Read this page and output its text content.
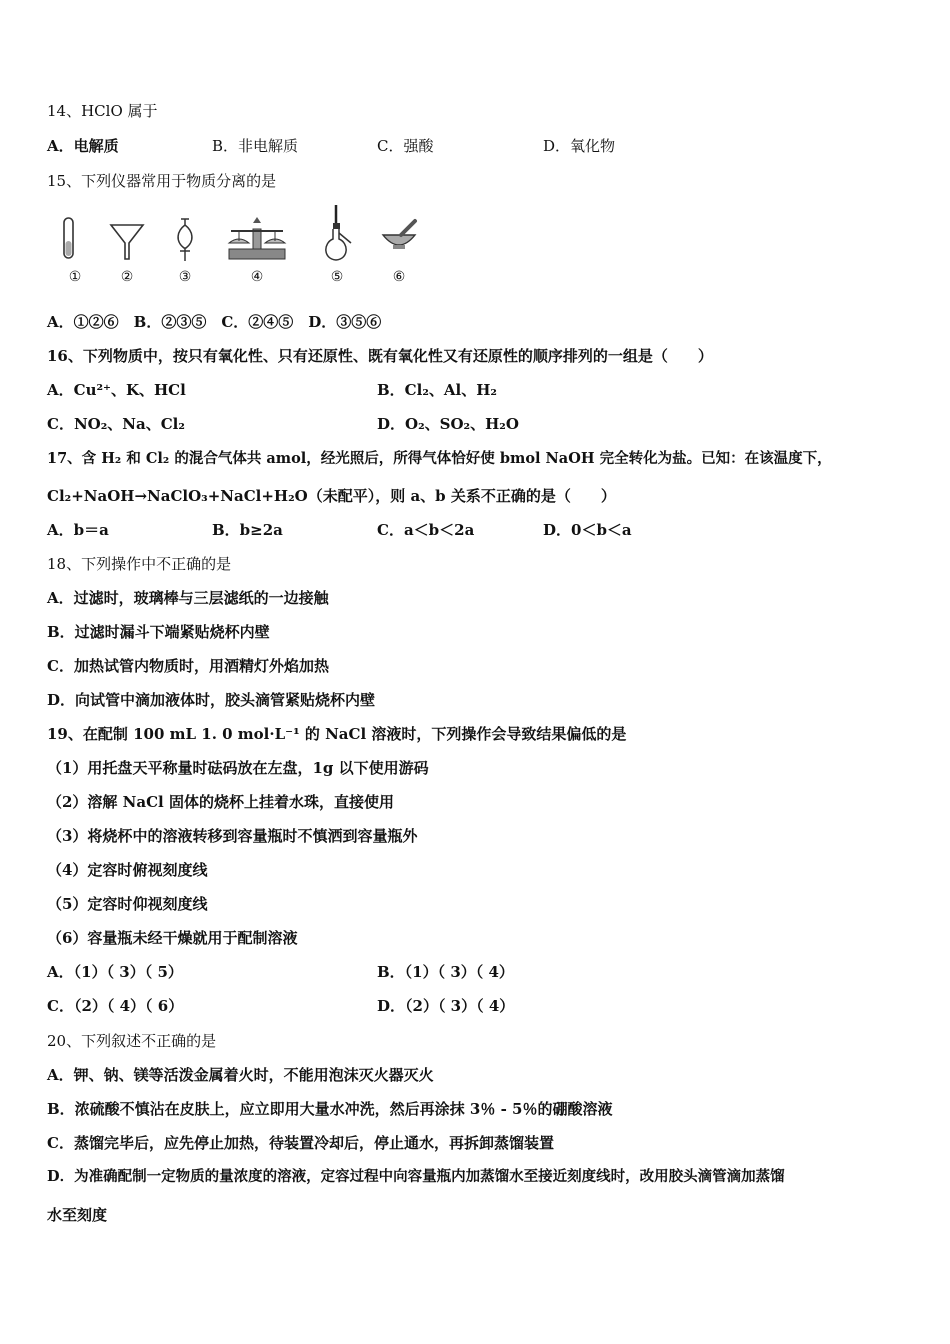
14、HClO 属于
A．电解质	B．非电解质	C．强酸	D．氧化物
15、下列仪器常用于物质分离的是
①	②	③	④	⑤	⑥
A．①②⑥　B．②③⑤　C．②④⑤　D．③⑤⑥
16、下列物质中，按只有氧化性、只有还原性、既有氧化性又有还原性的顺序排列的一组是（　　）
A．Cu²⁺、K、HCl	B．Cl₂、Al、H₂
C．NO₂、Na、Cl₂	D．O₂、SO₂、H₂O
17、含 H₂ 和 Cl₂ 的混合气体共 amol，经光照后，所得气体恰好使 bmol NaOH 完全转化为盐。已知：在该温度下，
Cl₂+NaOH→NaClO₃+NaCl+H₂O（未配平），则 a、b 关系不正确的是（　　）
A．b＝a	B．b≥2a	C．a＜b＜2a	D．0＜b＜a
18、下列操作中不正确的是
A．过滤时，玻璃棒与三层滤纸的一边接触
B．过滤时漏斗下端紧贴烧杯内壁
C．加热试管内物质时，用酒精灯外焰加热
D．向试管中滴加液体时，胶头滴管紧贴烧杯内壁
19、在配制 100 mL 1. 0 mol·L⁻¹ 的 NaCl 溶液时，下列操作会导致结果偏低的是
（1）用托盘天平称量时砝码放在左盘，1g 以下使用游码
（2）溶解 NaCl 固体的烧杯上挂着水珠，直接使用
（3）将烧杯中的溶液转移到容量瓶时不慎洒到容量瓶外
（4）定容时俯视刻度线
（5）定容时仰视刻度线
（6）容量瓶未经干燥就用于配制溶液
A．（1）（ 3）（ 5）	B．（1）（ 3）（ 4）
C．（2）（ 4）（ 6）	D．（2）（ 3）（ 4）
20、下列叙述不正确的是
A．钾、钠、镁等活泼金属着火时，不能用泡沫灭火器灭火
B．浓硫酸不慎沾在皮肤上，应立即用大量水冲洗，然后再涂抹 3％ - 5％的硼酸溶液
C．蒸馏完毕后，应先停止加热，待装置冷却后，停止通水，再拆卸蒸馏装置
D．为准确配制一定物质的量浓度的溶液，定容过程中向容量瓶内加蒸馏水至接近刻度线时，改用胶头滴管滴加蒸馏
水至刻度
